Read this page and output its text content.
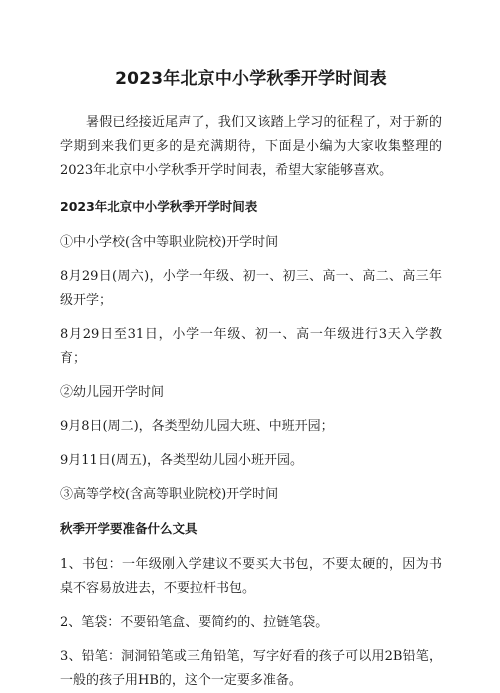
2023年北京中小学秋季开学时间表

暑假已经接近尾声了，我们又该踏上学习的征程了，对于新的学期到来我们更多的是充满期待，下面是小编为大家收集整理的2023年北京中小学秋季开学时间表，希望大家能够喜欢。

2023年北京中小学秋季开学时间表

①中小学校(含中等职业院校)开学时间

8月29日(周六)，小学一年级、初一、初三、高一、高二、高三年级开学；

8月29日至31日，小学一年级、初一、高一年级进行3天入学教育；

②幼儿园开学时间

9月8日(周二)，各类型幼儿园大班、中班开园；

9月11日(周五)，各类型幼儿园小班开园。

③高等学校(含高等职业院校)开学时间

秋季开学要准备什么文具

1、书包：一年级刚入学建议不要买大书包，不要太硬的，因为书桌不容易放进去，不要拉杆书包。

2、笔袋：不要铅笔盒、要简约的、拉链笔袋。

3、铅笔：洞洞铅笔或三角铅笔，写字好看的孩子可以用2B铅笔，一般的孩子用HB的，这个一定要多准备。
